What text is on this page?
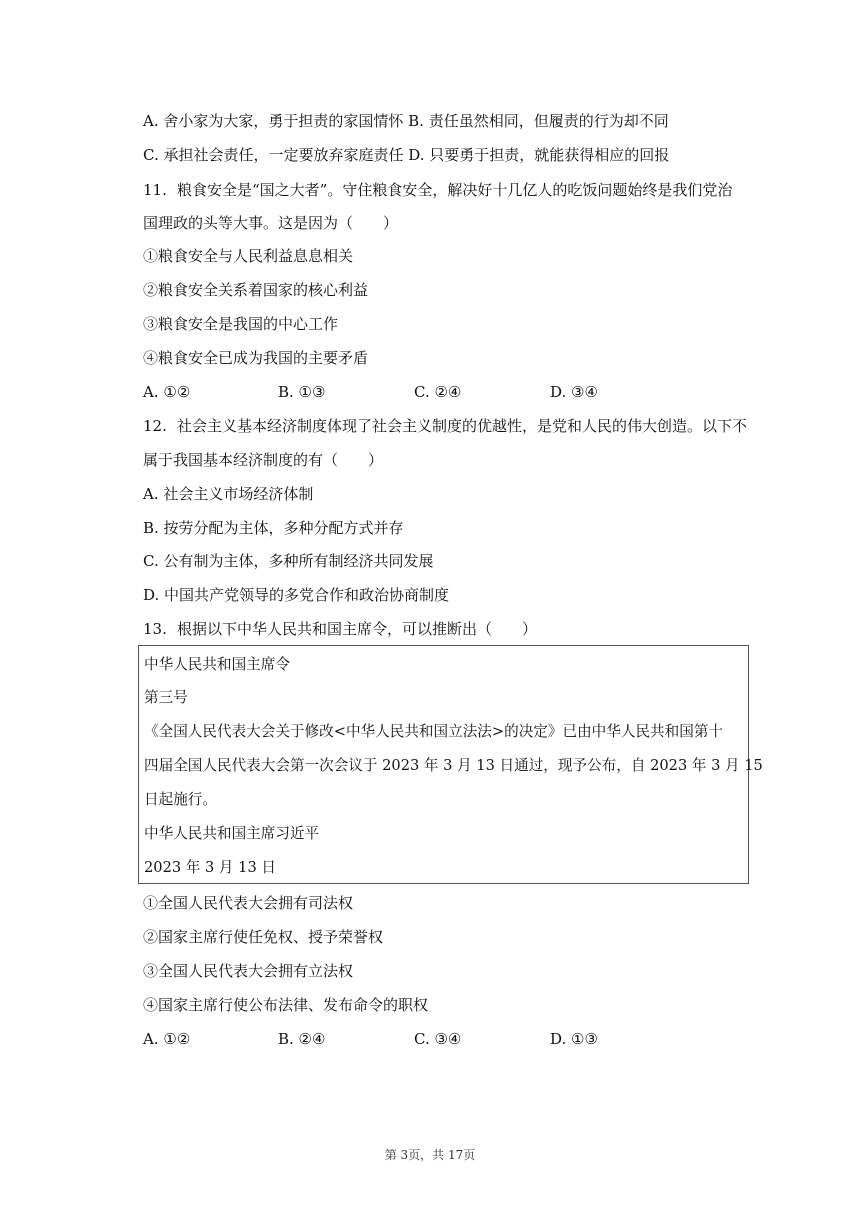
A. 舍小家为大家，勇于担责的家国情怀 B. 责任虽然相同，但履责的行为却不同
C. 承担社会责任，一定要放弃家庭责任 D. 只要勇于担责，就能获得相应的回报
11. 粮食安全是“国之大者”。守住粮食安全，解决好十几亿人的吃饭问题始终是我们党治
国理政的头等大事。这是因为（　　）
①粮食安全与人民利益息息相关
②粮食安全关系着国家的核心利益
③粮食安全是我国的中心工作
④粮食安全已成为我国的主要矛盾
A. ①②	B. ①③	C. ②④	D. ③④
12. 社会主义基本经济制度体现了社会主义制度的优越性，是党和人民的伟大创造。以下不
属于我国基本经济制度的有（　　）
A. 社会主义市场经济体制
B. 按劳分配为主体，多种分配方式并存
C. 公有制为主体，多种所有制经济共同发展
D. 中国共产党领导的多党合作和政治协商制度
13. 根据以下中华人民共和国主席令，可以推断出（　　）
中华人民共和国主席令
第三号
《全国人民代表大会关于修改<中华人民共和国立法法>的决定》已由中华人民共和国第十
四届全国人民代表大会第一次会议于 2023 年 3 月 13 日通过，现予公布，自 2023 年 3 月 15
日起施行。
中华人民共和国主席习近平
2023 年 3 月 13 日
①全国人民代表大会拥有司法权
②国家主席行使任免权、授予荣誉权
③全国人民代表大会拥有立法权
④国家主席行使公布法律、发布命令的职权
A. ①②	B. ②④	C. ③④	D. ①③
第 3页，共 17页
